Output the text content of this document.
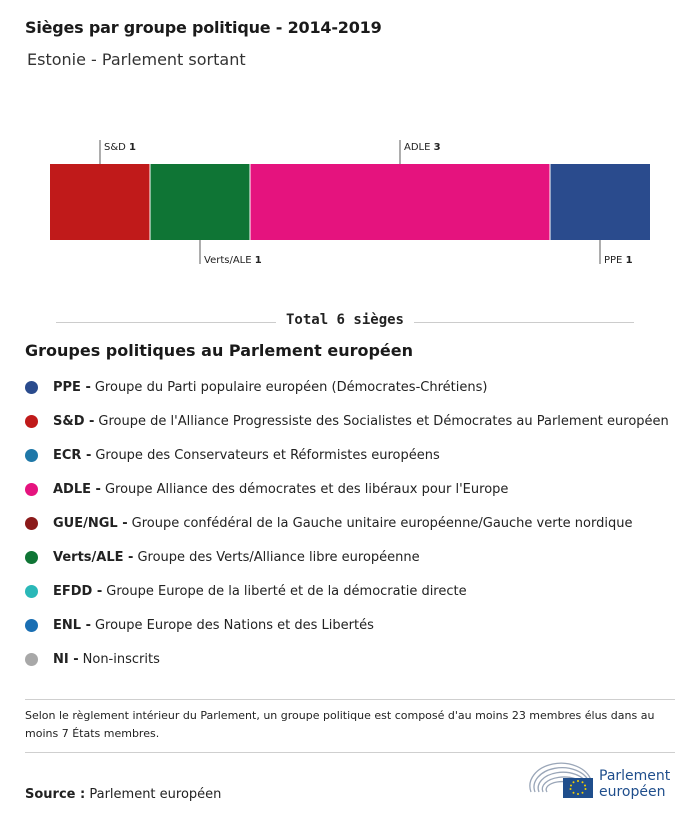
Sièges par groupe politique - 2014-2019
Estonie - Parlement sortant
S&D 1
Verts/ALE 1
ADLE 3
PPE 1
Total 6 sièges
Groupes politiques au Parlement européen
PPE - Groupe du Parti populaire européen (Démocrates-Chrétiens)
S&D - Groupe de l'Alliance Progressiste des Socialistes et Démocrates au Parlement européen
ECR - Groupe des Conservateurs et Réformistes européens
ADLE - Groupe Alliance des démocrates et des libéraux pour l'Europe
GUE/NGL - Groupe confédéral de la Gauche unitaire européenne/Gauche verte nordique
Verts/ALE - Groupe des Verts/Alliance libre européenne
EFDD - Groupe Europe de la liberté et de la démocratie directe
ENL - Groupe Europe des Nations et des Libertés
NI - Non-inscrits
Selon le règlement intérieur du Parlement, un groupe politique est composé d'au moins 23 membres élus dans au moins 7 États membres.
Source : Parlement européen
Parlement
européen
